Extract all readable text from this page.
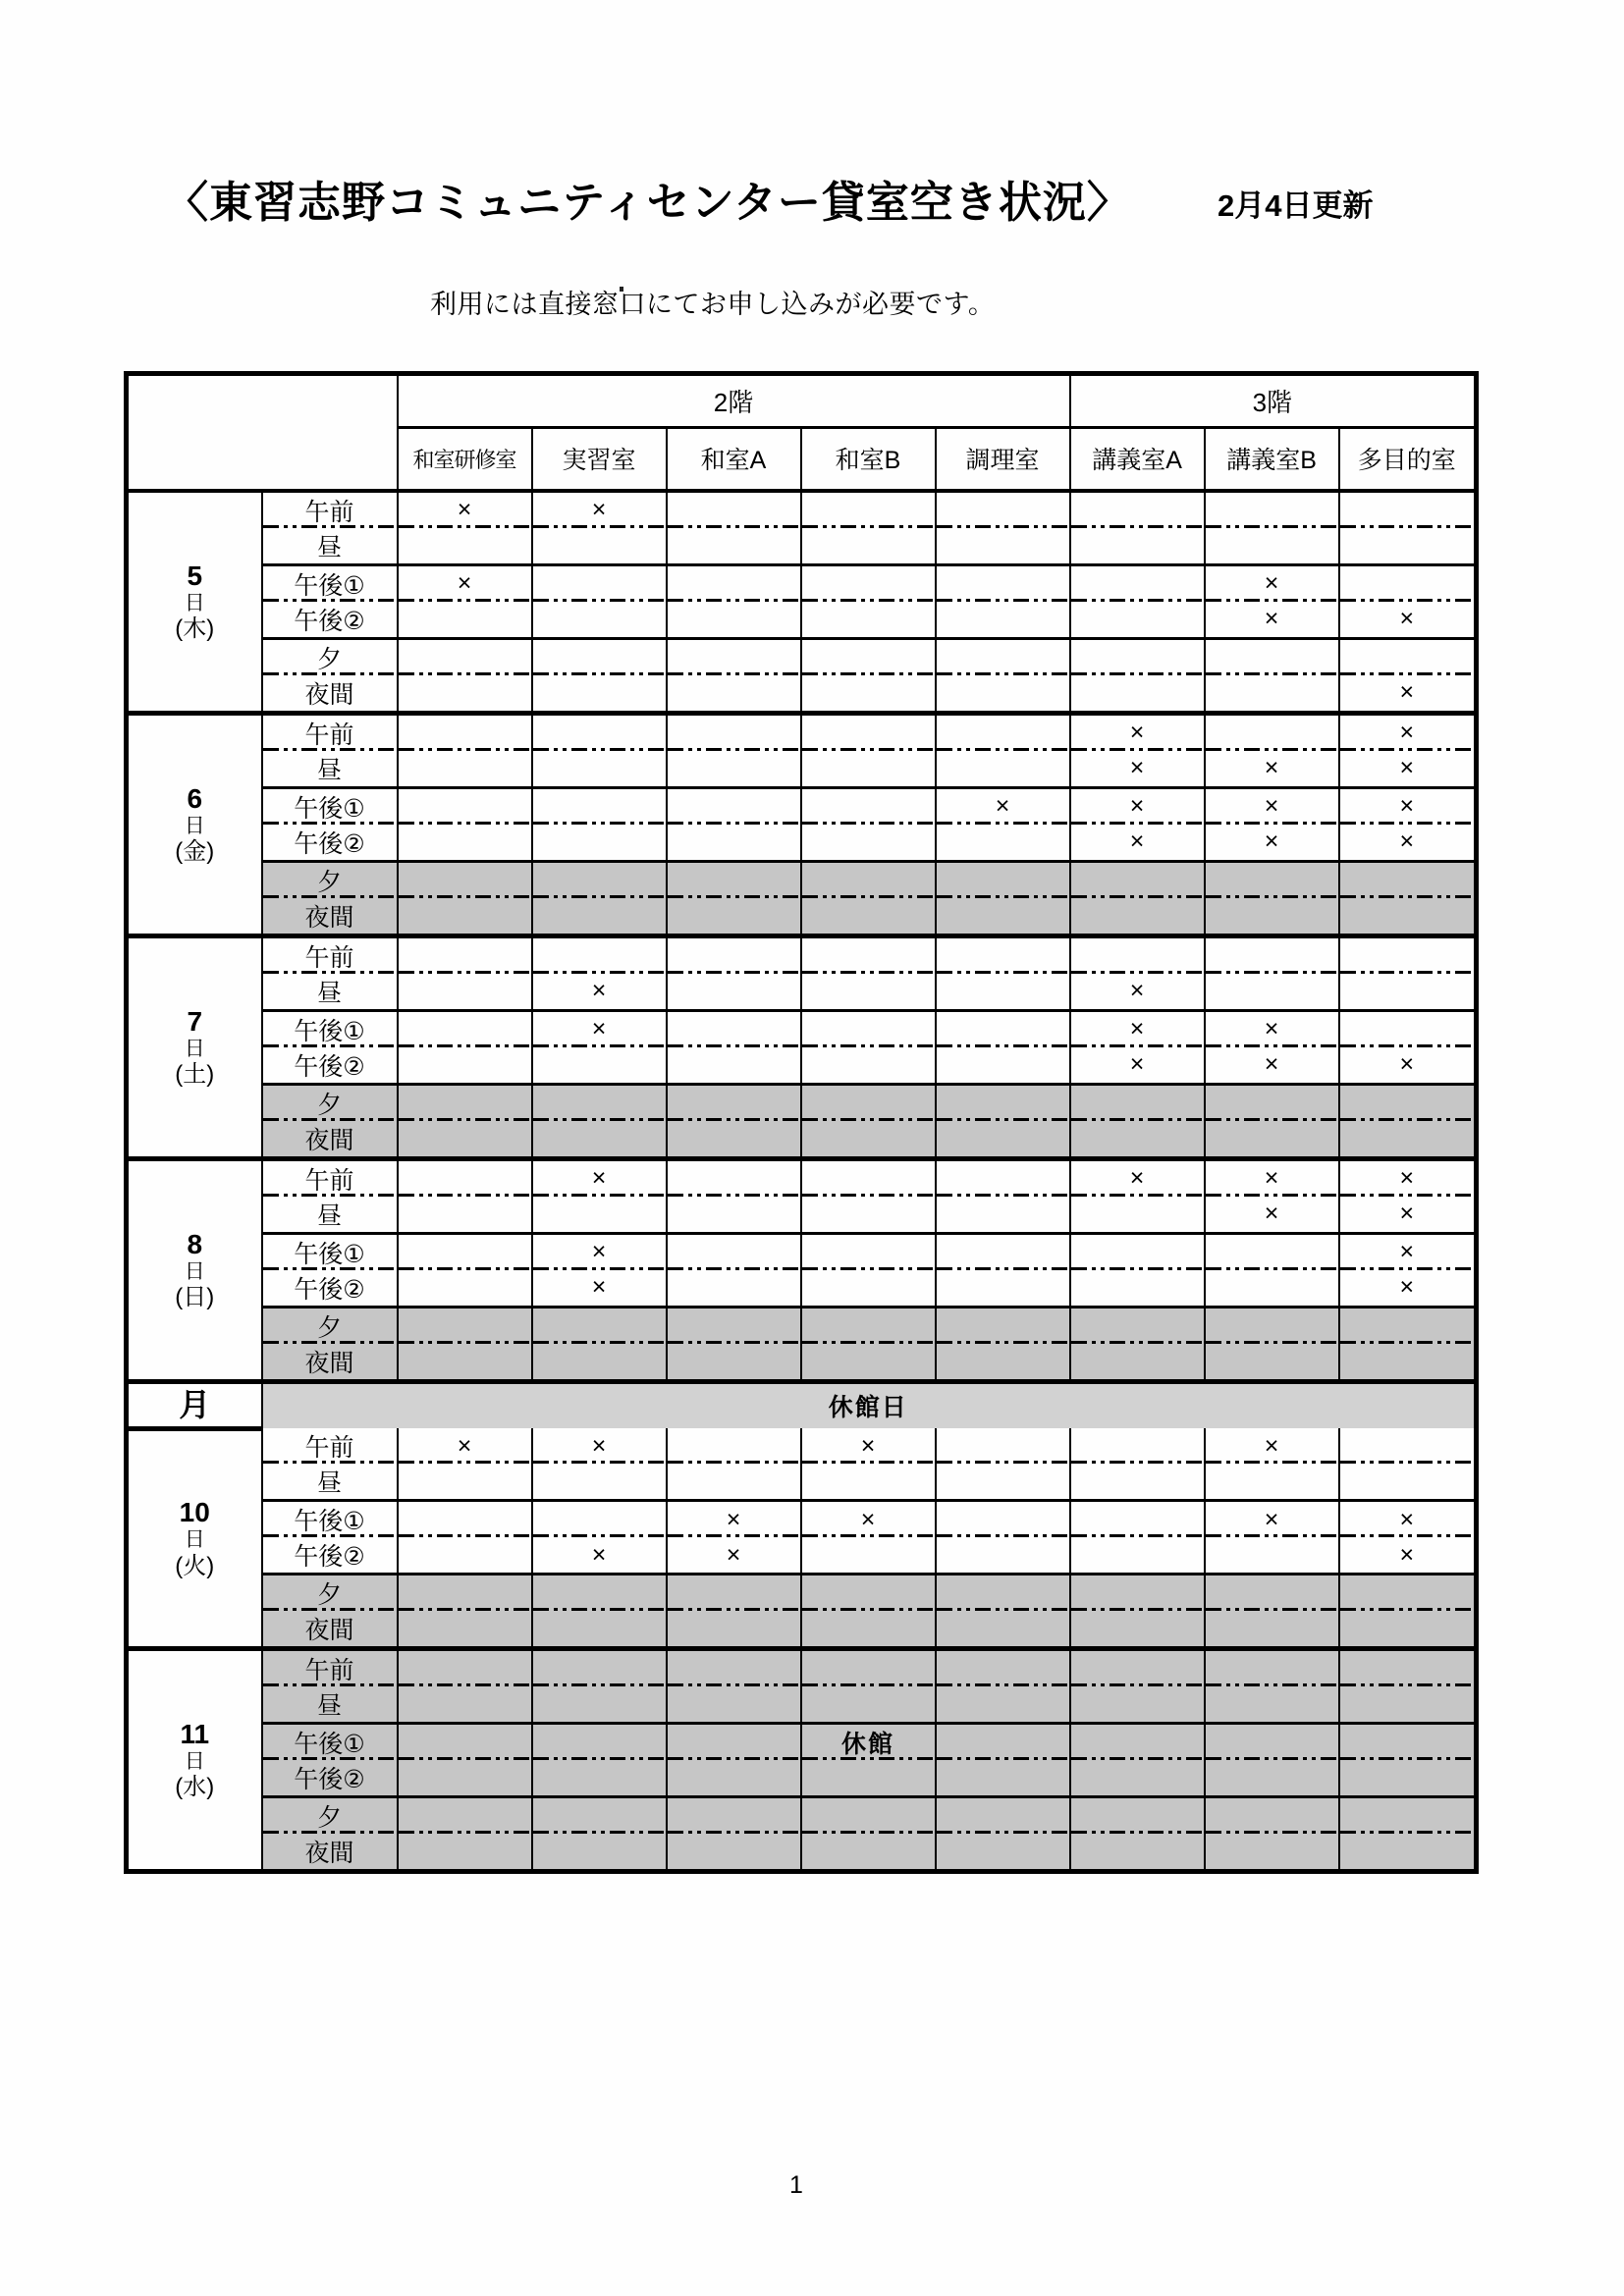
〈東習志野コミュニティセンター貸室空き状況〉	2月4日更新
利用には直接窓口にてお申し込みが必要です。
		2階					3階		
		和室研修室	実習室	和室A	和室B	調理室	講義室A	講義室B	多目的室

5
日
(木)	午前	×	×						
	昼								
	午後①	×						×	
	午後②							×	×
	夕								
	夜間								×

6
日
(金)	午前						×		×
	昼						×	×	×
	午後①					×	×	×	×
	午後②						×	×	×
	夕								
	夜間								

7
日
(土)	午前								
	昼		×				×		
	午後①		×				×	×	
	午後②						×	×	×
	夕								
	夜間								

8
日
(日)	午前		×				×	×	×
	昼							×	×
	午後①		×						×
	午後②		×						×
	夕								
	夜間								
月	休館日								

10
日
(火)	午前	×	×		×			×	
	昼								
	午後①			×	×			×	×
	午後②		×	×					×
	夕								
	夜間								

11
日
(水)	午前								
	昼								
	午後①				休館				
	午後②								
	夕								
	夜間								
1
